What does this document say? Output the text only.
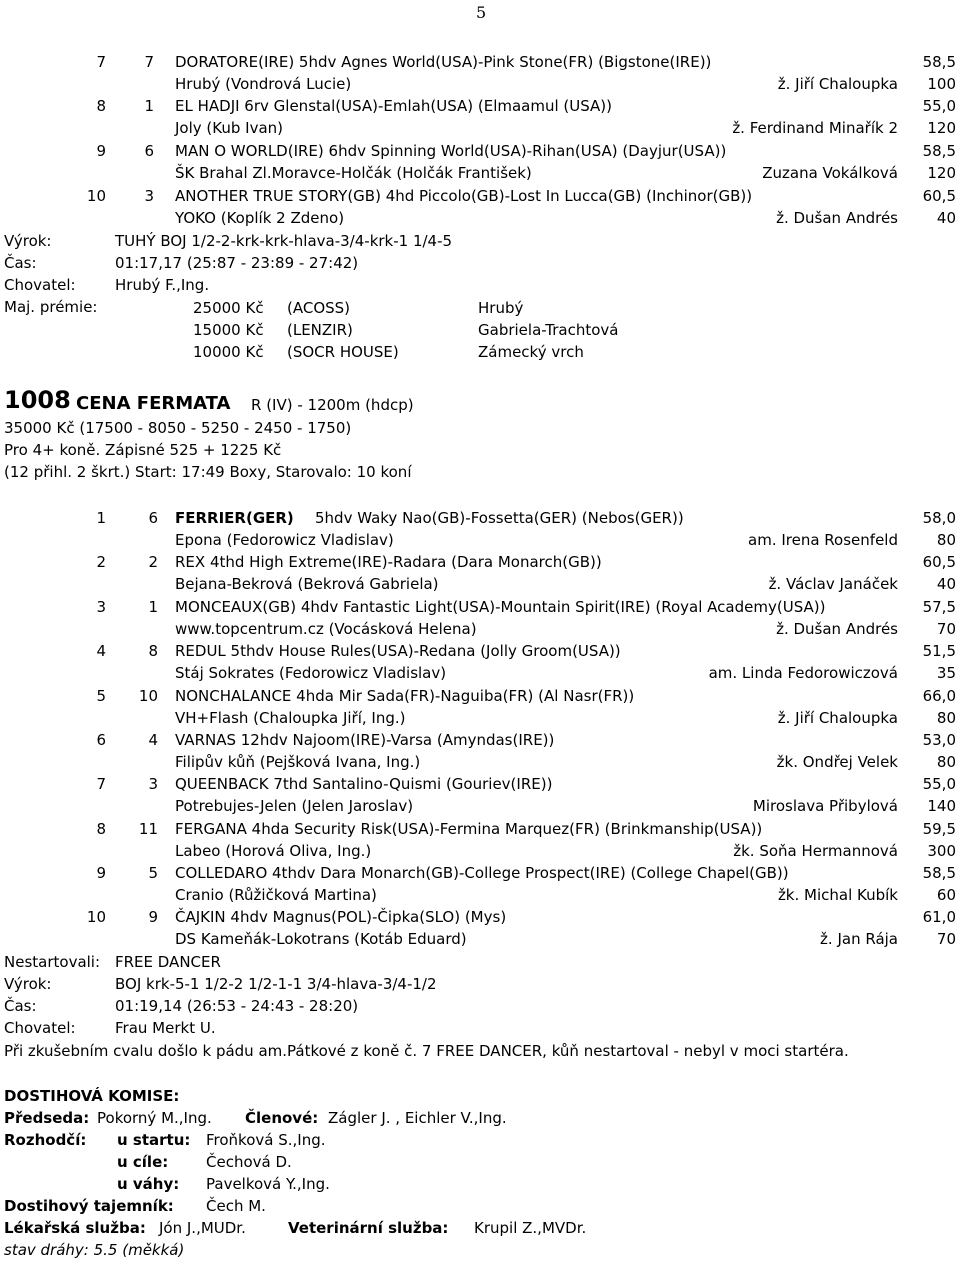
5
7	7 DORATORE(IRE) 5hdv Agnes World(USA)-Pink Stone(FR) (Bigstone(IRE))	58,5
Hrubý (Vondrová Lucie)	ž. Jiří Chaloupka 100
8	1 EL HADJI 6rv Glenstal(USA)-Emlah(USA) (Elmaamul (USA))	55,0
Joly (Kub Ivan)	ž. Ferdinand Minařík 2 120
9	6 MAN O WORLD(IRE) 6hdv Spinning World(USA)-Rihan(USA) (Dayjur(USA))	58,5
ŠK Brahal Zl.Moravce-Holčák (Holčák František)	Zuzana Vokálková 120
10	3 ANOTHER TRUE STORY(GB) 4hd Piccolo(GB)-Lost In Lucca(GB) (Inchinor(GB))	60,5
YOKO (Koplík 2 Zdeno)	ž. Dušan Andrés	40
Výrok:	TUHÝ BOJ 1/2-2-krk-krk-hlava-3/4-krk-1 1/4-5
Čas:	01:17,17 (25:87 - 23:89 - 27:42)
Chovatel:	Hrubý F.,Ing.
Maj. prémie:	25000 Kč (ACOSS)	Hrubý
15000 Kč (LENZIR)	Gabriela-Trachtová
10000 Kč (SOCR HOUSE)	Zámecký vrch
1008 CENA FERMATA R (IV) - 1200m (hdcp)
35000 Kč (17500 - 8050 - 5250 - 2450 - 1750)
Pro 4+ koně. Zápisné 525 + 1225 Kč
(12 přihl. 2 škrt.) Start: 17:49 Boxy, Starovalo: 10 koní
1	6 FERRIER(GER) 5hdv Waky Nao(GB)-Fossetta(GER) (Nebos(GER))	58,0
Epona (Fedorowicz Vladislav)	am. Irena Rosenfeld	80
2	2 REX 4thd High Extreme(IRE)-Radara (Dara Monarch(GB))	60,5
Bejana-Bekrová (Bekrová Gabriela)	ž. Václav Janáček	40
3	1 MONCEAUX(GB) 4hdv Fantastic Light(USA)-Mountain Spirit(IRE) (Royal Academy(USA))	57,5
www.topcentrum.cz (Vocásková Helena)	ž. Dušan Andrés	70
4	8 REDUL 5thdv House Rules(USA)-Redana (Jolly Groom(USA))	51,5
Stáj Sokrates (Fedorowicz Vladislav)	am. Linda Fedorowiczová	35
5 10 NONCHALANCE 4hda Mir Sada(FR)-Naguiba(FR) (Al Nasr(FR))	66,0
VH+Flash (Chaloupka Jiří, Ing.)	ž. Jiří Chaloupka	80
6	4 VARNAS 12hdv Najoom(IRE)-Varsa (Amyndas(IRE))	53,0
Filipův kůň (Pejšková Ivana, Ing.)	žk. Ondřej Velek	80
7	3 QUEENBACK 7thd Santalino-Quismi (Gouriev(IRE))	55,0
Potrebujes-Jelen (Jelen Jaroslav)	Miroslava Přibylová 140
8 11 FERGANA 4hda Security Risk(USA)-Fermina Marquez(FR) (Brinkmanship(USA))	59,5
Labeo (Horová Oliva, Ing.)	žk. Soňa Hermannová 300
9	5 COLLEDARO 4thdv Dara Monarch(GB)-College Prospect(IRE) (College Chapel(GB))	58,5
Cranio (Růžičková Martina)	žk. Michal Kubík	60
10	9 ČAJKIN 4hdv Magnus(POL)-Čipka(SLO) (Mys)	61,0
DS Kameňák-Lokotrans (Kotáb Eduard)	ž. Jan Rája	70
Nestartovali: FREE DANCER
Výrok:	BOJ krk-5-1 1/2-2 1/2-1-1 3/4-hlava-3/4-1/2
Čas:	01:19,14 (26:53 - 24:43 - 28:20)
Chovatel:	Frau Merkt U.
Při zkušebním cvalu došlo k pádu am.Pátkové z koně č. 7 FREE DANCER, kůň nestartoval - nebyl v moci startéra.
DOSTIHOVÁ KOMISE:
Předseda: Pokorný M.,Ing. Členové: Zágler J. , Eichler V.,Ing.
Rozhodčí: u startu: Froňková S.,Ing.
u cíle:	Čechová D.
u váhy: Pavelková Y.,Ing.
Dostihový tajemník: Čech M.
Lékařská služba: Jón J.,MUDr.	Veterinární služba: Krupil Z.,MVDr.
stav dráhy: 5.5 (měkká)
